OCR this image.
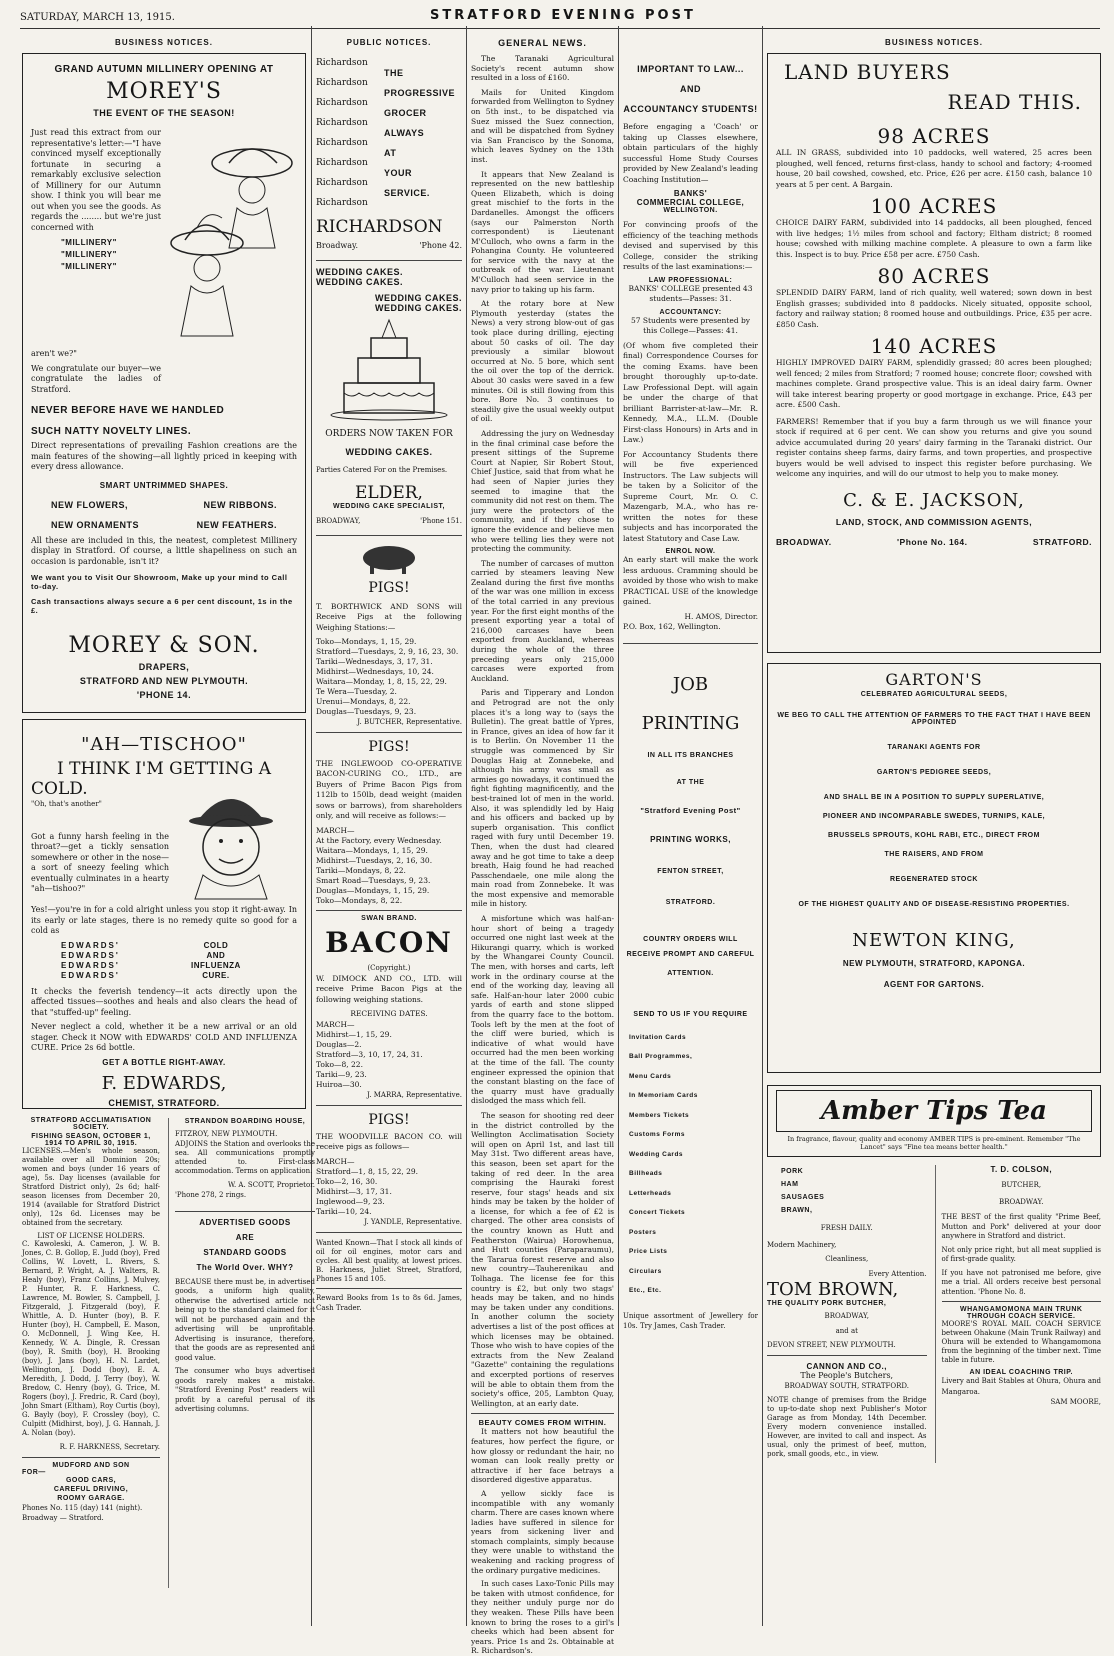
SATURDAY, MARCH 13, 1915.	STRATFORD EVENING POST
BUSINESS NOTICES.
GRAND AUTUMN MILLINERY OPENING AT
MOREY'S
THE EVENT OF THE SEASON!

Just read this extract from our representative's letter:—"I have convinced myself exceptionally fortunate in securing a remarkably exclusive selection of Millinery for our Autumn show. I think you will bear me out when you see the goods. As regards the ........ but we're just concerned with

"MILLINERY"
"MILLINERY"
"MILLINERY"

aren't we?"

We congratulate our buyer—we congratulate the ladies of Stratford.

NEVER BEFORE HAVE WE HANDLED
SUCH NATTY NOVELTY LINES.

Direct representations of prevailing Fashion creations are the main features of the showing—all lightly priced in keeping with every dress allowance.

SMART UNTRIMMED SHAPES.
NEW FLOWERS,	NEW RIBBONS.
NEW ORNAMENTS	NEW FEATHERS.

All these are included in this, the neatest, completest Millinery display in Stratford. Of course, a little shapeliness on such an occasion is pardonable, isn't it?

We want you to Visit Our Showroom, Make up your mind to Call to-day.
Cash transactions always secure a 6 per cent discount, 1s in the £.
MOREY & SON.
DRAPERS,
STRATFORD AND NEW PLYMOUTH.
'PHONE 14.
"AH—TISCHOO"
I THINK I'M GETTING A
COLD.
"Oh, that's another"

Got a funny harsh feeling in the throat?—get a tickly sensation somewhere or other in the nose—a sort of sneezy feeling which eventually culminates in a hearty "ah—tishoo?"

Yes!—you're in for a cold alright unless you stop it right-away. In its early or late stages, there is no remedy quite so good for a cold as

EDWARDS'
EDWARDS'
EDWARDS'
EDWARDS'
COLD
AND
INFLUENZA
CURE.

It checks the feverish tendency—it acts directly upon the affected tissues—soothes and heals and also clears the head of that "stuffed-up" feeling.

Never neglect a cold, whether it be a new arrival or an old stager. Check it NOW with EDWARDS' COLD AND INFLUENZA CURE. Price 2s 6d bottle.

GET A BOTTLE RIGHT-AWAY.
F. EDWARDS,
CHEMIST, STRATFORD.
STRATFORD ACCLIMATISATION SOCIETY.
FISHING SEASON, OCTOBER 1, 1914 TO APRIL 30, 1915.

LICENSES.—Men's whole season, available over all Dominion 20s; women and boys (under 16 years of age), 5s. Day licenses (available for Stratford District only), 2s 6d; half-season licenses from December 20, 1914 (available for Stratford District only), 12s 6d. Licenses may be obtained from the secretary.

LIST OF LICENSE HOLDERS.

C. Kawoleski, A. Cameron, J. W. B. Jones, C. B. Gollop, E. Judd (boy), Fred Collins, W. Lovett, L. Rivers, S. Bernard, P. Wright, A. J. Walters, R. Healy (boy), Franz Collins, J. Mulvey, P. Hunter, R. F. Harkness, C. Lawrence, M. Bowler, S. Campbell, J. Fitzgerald, J. Fitzgerald (boy), F. Whittle, A. D. Hunter (boy), B. F. Hunter (boy), H. Campbell, E. Mason, O. McDonnell, J. Wing Kee, H. Kennedy, W. A. Dingle, R. Cressan (boy), R. Smith (boy), H. Brooking (boy), J. Jans (boy), H. N. Lardet, Wellington, J. Dodd (boy), E. A. Meredith, J. Dodd, J. Terry (boy), W. Bredow, C. Henry (boy), G. Trice, M. Rogers (boy), J. Fredric, R. Card (boy), John Smart (Eltham), Roy Curtis (boy), G. Bayly (boy), F. Crossley (boy), C. Culpitt (Midhirst, boy), J. G. Hannah, J. A. Nolan (boy).

R. F. HARKNESS, Secretary.
MUDFORD AND SON
FOR—
GOOD CARS,
CAREFUL DRIVING,
ROOMY GARAGE.
Phones No. 115 (day) 141 (night).
Broadway — Stratford.
STRANDON BOARDING HOUSE,
FITZROY, NEW PLYMOUTH.

ADJOINS the Station and overlooks the sea. All communications promptly attended to. First-class accommodation. Terms on application.

W. A. SCOTT, Proprietor.
'Phone 278, 2 rings.
ADVERTISED GOODS
ARE
STANDARD GOODS
The World Over. WHY?

BECAUSE there must be, in advertised goods, a uniform high quality, otherwise the advertised article not being up to the standard claimed for it will not be purchased again and the advertising will be unprofitable. Advertising is insurance, therefore, that the goods are as represented and good value.

The consumer who buys advertised goods rarely makes a mistake. "Stratford Evening Post" readers will profit by a careful perusal of its advertising columns.

PUBLIC NOTICES.
Richardson
Richardson
Richardson
Richardson
Richardson
Richardson
Richardson
Richardson
THE
PROGRESSIVE
GROCER
ALWAYS
AT
YOUR
SERVICE.
RICHARDSON
Broadway.	'Phone 42.
WEDDING CAKES.
WEDDING CAKES.
WEDDING CAKES.
WEDDING CAKES.
ORDERS NOW TAKEN FOR
WEDDING CAKES.
Parties Catered For on the Premises.
ELDER,
WEDDING CAKE SPECIALIST,
BROADWAY,	'Phone 151.
PIGS!

T. BORTHWICK AND SONS will Receive Pigs at the following Weighing Stations:—

Toko—Mondays, 1, 15, 29.
Stratford—Tuesdays, 2, 9, 16, 23, 30.
Tariki—Wednesdays, 3, 17, 31.
Midhirst—Wednesdays, 10, 24.
Waitara—Monday, 1, 8, 15, 22, 29.
Te Wera—Tuesday, 2.
Urenui—Mondays, 8, 22.
Douglas—Tuesdays, 9, 23.
J. BUTCHER, Representative.
PIGS!

THE INGLEWOOD CO-OPERATIVE BACON-CURING CO., LTD., are Buyers of Prime Bacon Pigs from 112lb to 150lb, dead weight (maiden sows or barrows), from shareholders only, and will receive as follows:—

MARCH—
At the Factory, every Wednesday.
Waitara—Mondays, 1, 15, 29.
Midhirst—Tuesdays, 2, 16, 30.
Tariki—Mondays, 8, 22.
Smart Road—Tuesdays, 9, 23.
Douglas—Mondays, 1, 15, 29.
Toko—Mondays, 8, 22.
SWAN BRAND.
BACON
(Copyright.)

W. DIMOCK AND CO., LTD. will receive Prime Bacon Pigs at the following weighing stations.

RECEIVING DATES.
MARCH—
Midhirst—1, 15, 29.
Douglas—2.
Stratford—3, 10, 17, 24, 31.
Toko—8, 22.
Tariki—9, 23.
Huiroa—30.
J. MARRA, Representative.
PIGS!

THE WOODVILLE BACON CO. will receive pigs as follows—

MARCH—
Stratford—1, 8, 15, 22, 29.
Toko—2, 16, 30.
Midhirst—3, 17, 31.
Inglewood—9, 23.
Tariki—10, 24.
J. YANDLE, Representative.

Wanted Known—That I stock all kinds of oil for oil engines, motor cars and cycles. All best quality, at lowest prices. B. Harkness, Juliet Street, Stratford, Phones 15 and 105.

Reward Books from 1s to 8s 6d. James, Cash Trader.

GENERAL NEWS.
The Taranaki Agricultural Society's recent autumn show resulted in a loss of £160.
Mails for United Kingdom forwarded from Wellington to Sydney on 5th inst., to be dispatched via Suez missed the Suez connection, and will be dispatched from Sydney via San Francisco by the Sonoma, which leaves Sydney on the 13th inst.
It appears that New Zealand is represented on the new battleship Queen Elizabeth, which is doing great mischief to the forts in the Dardanelles. Amongst the officers (says our Palmerston North correspondent) is Lieutenant M'Culloch, who owns a farm in the Pohangina County. He volunteered for service with the navy at the outbreak of the war. Lieutenant M'Culloch had seen service in the navy prior to taking up his farm.
At the rotary bore at New Plymouth yesterday (states the News) a very strong blow-out of gas took place during drilling, ejecting about 50 casks of oil. The day previously a similar blowout occurred at No. 5 bore, which sent the oil over the top of the derrick. About 30 casks were saved in a few minutes. Oil is still flowing from this bore. Bore No. 3 continues to steadily give the usual weekly output of oil.
Addressing the jury on Wednesday in the final criminal case before the present sittings of the Supreme Court at Napier, Sir Robert Stout, Chief Justice, said that from what he had seen of Napier juries they seemed to imagine that the community did not rest on them. The jury were the protectors of the community, and if they chose to ignore the evidence and believe men who were telling lies they were not protecting the community.
The number of carcases of mutton carried by steamers leaving New Zealand during the first five months of the war was one million in excess of the total carried in any previous year. For the first eight months of the present exporting year a total of 216,000 carcases have been exported from Auckland, whereas during the whole of the three preceding years only 215,000 carcases were exported from Auckland.
Paris and Tipperary and London and Petrograd are not the only places it's a long way to (says the Bulletin). The great battle of Ypres, in France, gives an idea of how far it is to Berlin. On November 11 the struggle was commenced by Sir Douglas Haig at Zonnebeke, and although his army was small as armies go nowadays, it continued the fight fighting magnificently, and the best-trained lot of men in the world. Also, it was splendidly led by Haig and his officers and backed up by superb organisation. This conflict raged with fury until December 19. Then, when the dust had cleared away and he got time to take a deep breath, Haig found he had reached Passchendaele, one mile along the main road from Zonnebeke. It was the most expensive and memorable mile in history.
A misfortune which was half-an-hour short of being a tragedy occurred one night last week at the Hikurangi quarry, which is worked by the Whangarei County Council. The men, with horses and carts, left work in the ordinary course at the end of the working day, leaving all safe. Half-an-hour later 2000 cubic yards of earth and stone slipped from the quarry face to the bottom. Tools left by the men at the foot of the cliff were buried, which is indicative of what would have occurred had the men been working at the time of the fall. The county engineer expressed the opinion that the constant blasting on the face of the quarry must have gradually dislodged the mass which fell.
The season for shooting red deer in the district controlled by the Wellington Acclimatisation Society will open on April 1st, and last till May 31st. Two different areas have, this season, been set apart for the taking of red deer. In the area comprising the Hauraki forest reserve, four stags' heads and six hinds may be taken by the holder of a license, for which a fee of £2 is charged. The other area consists of the country known as Hutt and Featherston (Wairua) Horowhenua, and Hutt counties (Paraparaumu), the Tararua forest reserve and also new country—Tauherenikau and Tolhaga. The license fee for this country is £2, but only two stags' heads may be taken, and no hinds may be taken under any conditions. In another column the society advertises a list of the post offices at which licenses may be obtained. Those who wish to have copies of the extracts from the New Zealand "Gazette" containing the regulations and excerpted portions of reserves will be able to obtain them from the society's office, 205, Lambton Quay, Wellington, at an early date.
BEAUTY COMES FROM WITHIN.
It matters not how beautiful the features, how perfect the figure, or how glossy or redundant the hair, no woman can look really pretty or attractive if her face betrays a disordered digestive apparatus.
A yellow sickly face is incompatible with any womanly charm. There are cases known where ladies have suffered in silence for years from sickening liver and stomach complaints, simply because they were unable to withstand the weakening and racking progress of the ordinary purgative medicines.
In such cases Laxo-Tonic Pills may be taken with utmost confidence, for they neither unduly purge nor do they weaken. These Pills have been known to bring the roses to a girl's cheeks which had been absent for years. Price 1s and 2s. Obtainable at R. Richardson's.
IMPORTANT TO LAW...
AND
ACCOUNTANCY STUDENTS!

Before engaging a 'Coach' or taking up Classes elsewhere, obtain particulars of the highly successful Home Study Courses provided by New Zealand's leading Coaching Institution—

BANKS'
COMMERCIAL COLLEGE,
WELLINGTON.

For convincing proofs of the efficiency of the teaching methods devised and supervised by this College, consider the striking results of the last examinations:—

LAW PROFESSIONAL:

BANKS' COLLEGE presented 43 students—Passes: 31.

ACCOUNTANCY:

57 Students were presented by this College—Passes: 41.

(Of whom five completed their final) Correspondence Courses for the coming Exams. have been brought thoroughly up-to-date. Law Professional Dept. will again be under the charge of that brilliant Barrister-at-law—Mr. R. Kennedy, M.A., LL.M. (Double First-class Honours) in Arts and in Law.)

For Accountancy Students there will be five experienced Instructors. The Law subjects will be taken by a Solicitor of the Supreme Court, Mr. O. C. Mazengarb, M.A., who has re-written the notes for these subjects and has incorporated the latest Statutory and Case Law.

ENROL NOW.

An early start will make the work less arduous. Cramming should be avoided by those who wish to make PRACTICAL USE of the knowledge gained.

H. AMOS, Director.
P.O. Box, 162, Wellington.
JOB
PRINTING
IN ALL ITS BRANCHES
AT THE
"Stratford Evening Post"
PRINTING WORKS,
FENTON STREET,
STRATFORD.
COUNTRY ORDERS WILL
RECEIVE PROMPT AND CAREFUL
ATTENTION.
SEND TO US IF YOU REQUIRE
Invitation Cards
Ball Programmes,
Menu Cards
In Memoriam Cards
Members Tickets
Customs Forms
Wedding Cards
Billheads
Letterheads
Concert Tickets
Posters
Price Lists
Circulars
Etc., Etc.

Unique assortment of Jewellery for 10s. Try James, Cash Trader.

BUSINESS NOTICES.
LAND BUYERS
READ THIS.
98 ACRES

ALL IN GRASS, subdivided into 10 paddocks, well watered, 25 acres been ploughed, well fenced, returns first-class, handy to school and factory; 4-roomed house, 20 bail cowshed, cowshed, etc. Price, £26 per acre. £150 cash, balance 10 years at 5 per cent. A Bargain.

100 ACRES

CHOICE DAIRY FARM, subdivided into 14 paddocks, all been ploughed, fenced with live hedges; 1½ miles from school and factory; Eltham district; 8 roomed house; cowshed with milking machine complete. A pleasure to own a farm like this. Inspect is to buy. Price £58 per acre. £750 Cash.

80 ACRES

SPLENDID DAIRY FARM, land of rich quality, well watered; sown down in best English grasses; subdivided into 8 paddocks. Nicely situated, opposite school, factory and railway station; 8 roomed house and outbuildings. Price, £35 per acre. £850 Cash.

140 ACRES

HIGHLY IMPROVED DAIRY FARM, splendidly grassed; 80 acres been ploughed; well fenced; 2 miles from Stratford; 7 roomed house; concrete floor; cowshed with machines complete. Grand prospective value. This is an ideal dairy farm. Owner will take interest bearing property or good mortgage in exchange. Price, £43 per acre. £500 Cash.

FARMERS! Remember that if you buy a farm through us we will finance your stock if required at 6 per cent. We can show you returns and give you sound advice accumulated during 20 years' dairy farming in the Taranaki district. Our register contains sheep farms, dairy farms, and town properties, and prospective buyers would be well advised to inspect this register before purchasing. We welcome any inquiries, and will do our utmost to help you to make money.

C. & E. JACKSON,
LAND, STOCK, AND COMMISSION AGENTS,
BROADWAY.	'Phone No. 164.	STRATFORD.
GARTON'S
CELEBRATED AGRICULTURAL SEEDS,
WE BEG TO CALL THE ATTENTION OF FARMERS TO THE FACT THAT I HAVE BEEN APPOINTED
TARANAKI AGENTS FOR
GARTON'S PEDIGREE SEEDS,
AND SHALL BE IN A POSITION TO SUPPLY SUPERLATIVE,
PIONEER AND INCOMPARABLE SWEDES, TURNIPS, KALE,
BRUSSELS SPROUTS, KOHL RABI, ETC., DIRECT FROM
THE RAISERS, AND FROM
REGENERATED STOCK
OF THE HIGHEST QUALITY AND OF DISEASE-RESISTING PROPERTIES.
NEWTON KING,
NEW PLYMOUTH, STRATFORD, KAPONGA.
AGENT FOR GARTONS.
Amber Tips Tea
In fragrance, flavour, quality and economy AMBER TIPS is pre-eminent. Remember "The Lancet" says "Fine tea means better health."
PORK
HAM
SAUSAGES
BRAWN,
FRESH DAILY.
Modern Machinery,
Cleanliness,
Every Attention.
TOM BROWN,
THE QUALITY PORK BUTCHER,
BROADWAY,
and at
DEVON STREET, NEW PLYMOUTH.
CANNON AND CO.,
The People's Butchers,
BROADWAY SOUTH, STRATFORD.

NOTE change of premises from the Bridge to up-to-date shop next Publisher's Motor Garage as from Monday, 14th December. Every modern convenience installed. However, are invited to call and inspect. As usual, only the primest of beef, mutton, pork, small goods, etc., in view.

T. D. COLSON,
BUTCHER,
BROADWAY.

THE BEST of the first quality "Prime Beef, Mutton and Pork" delivered at your door anywhere in Stratford and district.

Not only price right, but all meat supplied is of first-grade quality.

If you have not patronised me before, give me a trial. All orders receive best personal attention. 'Phone No. 8.

WHANGAMOMONA MAIN TRUNK THROUGH COACH SERVICE.

MOORE'S ROYAL MAIL COACH SERVICE between Ohakune (Main Trunk Railway) and Ohura will be extended to Whangamomona from the beginning of the timber next. Time table in future.

AN IDEAL COACHING TRIP.
Livery and Bait Stables at Ohura, Ohura and Mangaroa.
SAM MOORE,
